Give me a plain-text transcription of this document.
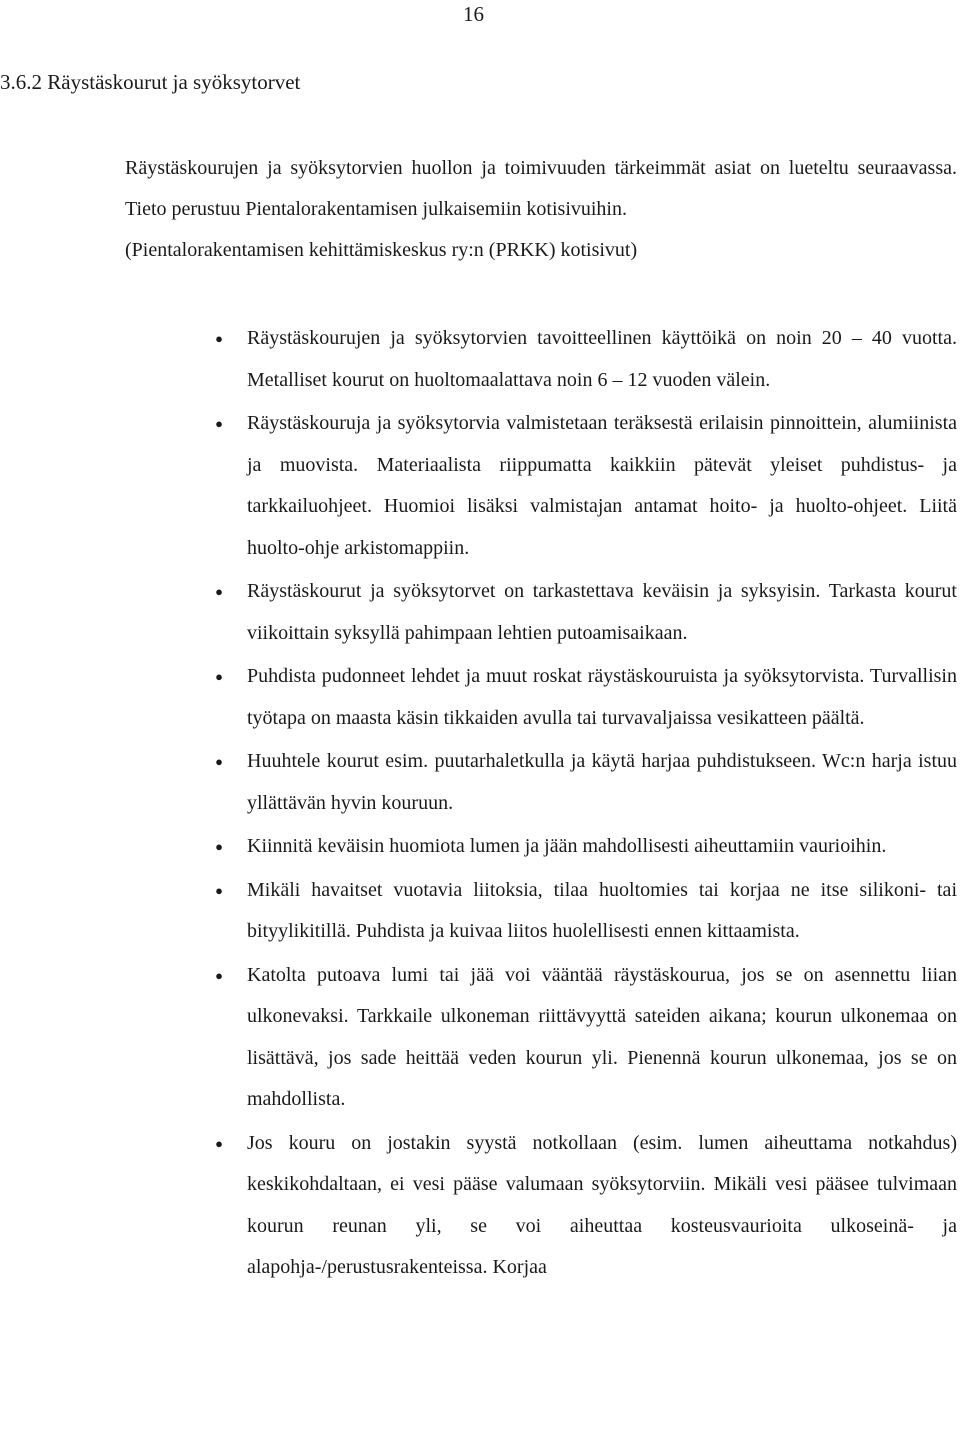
16
3.6.2 Räystäskourut ja syöksytorvet

Räystäskourujen ja syöksytorvien huollon ja toimivuuden tärkeimmät asiat on lueteltu seuraavassa. Tieto perustuu Pientalorakentamisen julkaisemiin kotisivuihin.
(Pientalorakentamisen kehittämiskeskus ry:n (PRKK) kotisivut)

●	Räystäskourujen ja syöksytorvien tavoitteellinen käyttöikä on noin 20 – 40 vuotta. Metalliset kourut on huoltomaalattava noin 6 – 12 vuoden välein.
●	Räystäskouruja ja syöksytorvia valmistetaan teräksestä erilaisin pinnoittein, alumiinista ja muovista. Materiaalista riippumatta kaikkiin pätevät yleiset puhdistus- ja tarkkailuohjeet. Huomioi lisäksi valmistajan antamat hoito- ja huolto-ohjeet. Liitä huolto-ohje arkistomappiin.
●	Räystäskourut ja syöksytorvet on tarkastettava keväisin ja syksyisin. Tarkasta kourut viikoittain syksyllä pahimpaan lehtien putoamisaikaan.
●	Puhdista pudonneet lehdet ja muut roskat räystäskouruista ja syöksytorvista. Turvallisin työtapa on maasta käsin tikkaiden avulla tai turvavaljaissa vesikatteen päältä.
●	Huuhtele kourut esim. puutarhaletkulla ja käytä harjaa puhdistukseen. Wc:n harja istuu yllättävän hyvin kouruun.
●	Kiinnitä keväisin huomiota lumen ja jään mahdollisesti aiheuttamiin vaurioihin.
●	Mikäli havaitset vuotavia liitoksia, tilaa huoltomies tai korjaa ne itse silikoni- tai bityylikitillä. Puhdista ja kuivaa liitos huolellisesti ennen kittaamista.
●	Katolta putoava lumi tai jää voi vääntää räystäskourua, jos se on asennettu liian ulkonevaksi. Tarkkaile ulkoneman riittävyyttä sateiden aikana; kourun ulkonemaa on lisättävä, jos sade heittää veden kourun yli. Pienennä kourun ulkonemaa, jos se on mahdollista.
●	Jos kouru on jostakin syystä notkollaan (esim. lumen aiheuttama notkahdus) keskikohdaltaan, ei vesi pääse valumaan syöksytorviin. Mikäli vesi pääsee tulvimaan kourun reunan yli, se voi aiheuttaa kosteusvaurioita ulkoseinä- ja alapohja-/perustusrakenteissa. Korjaa
